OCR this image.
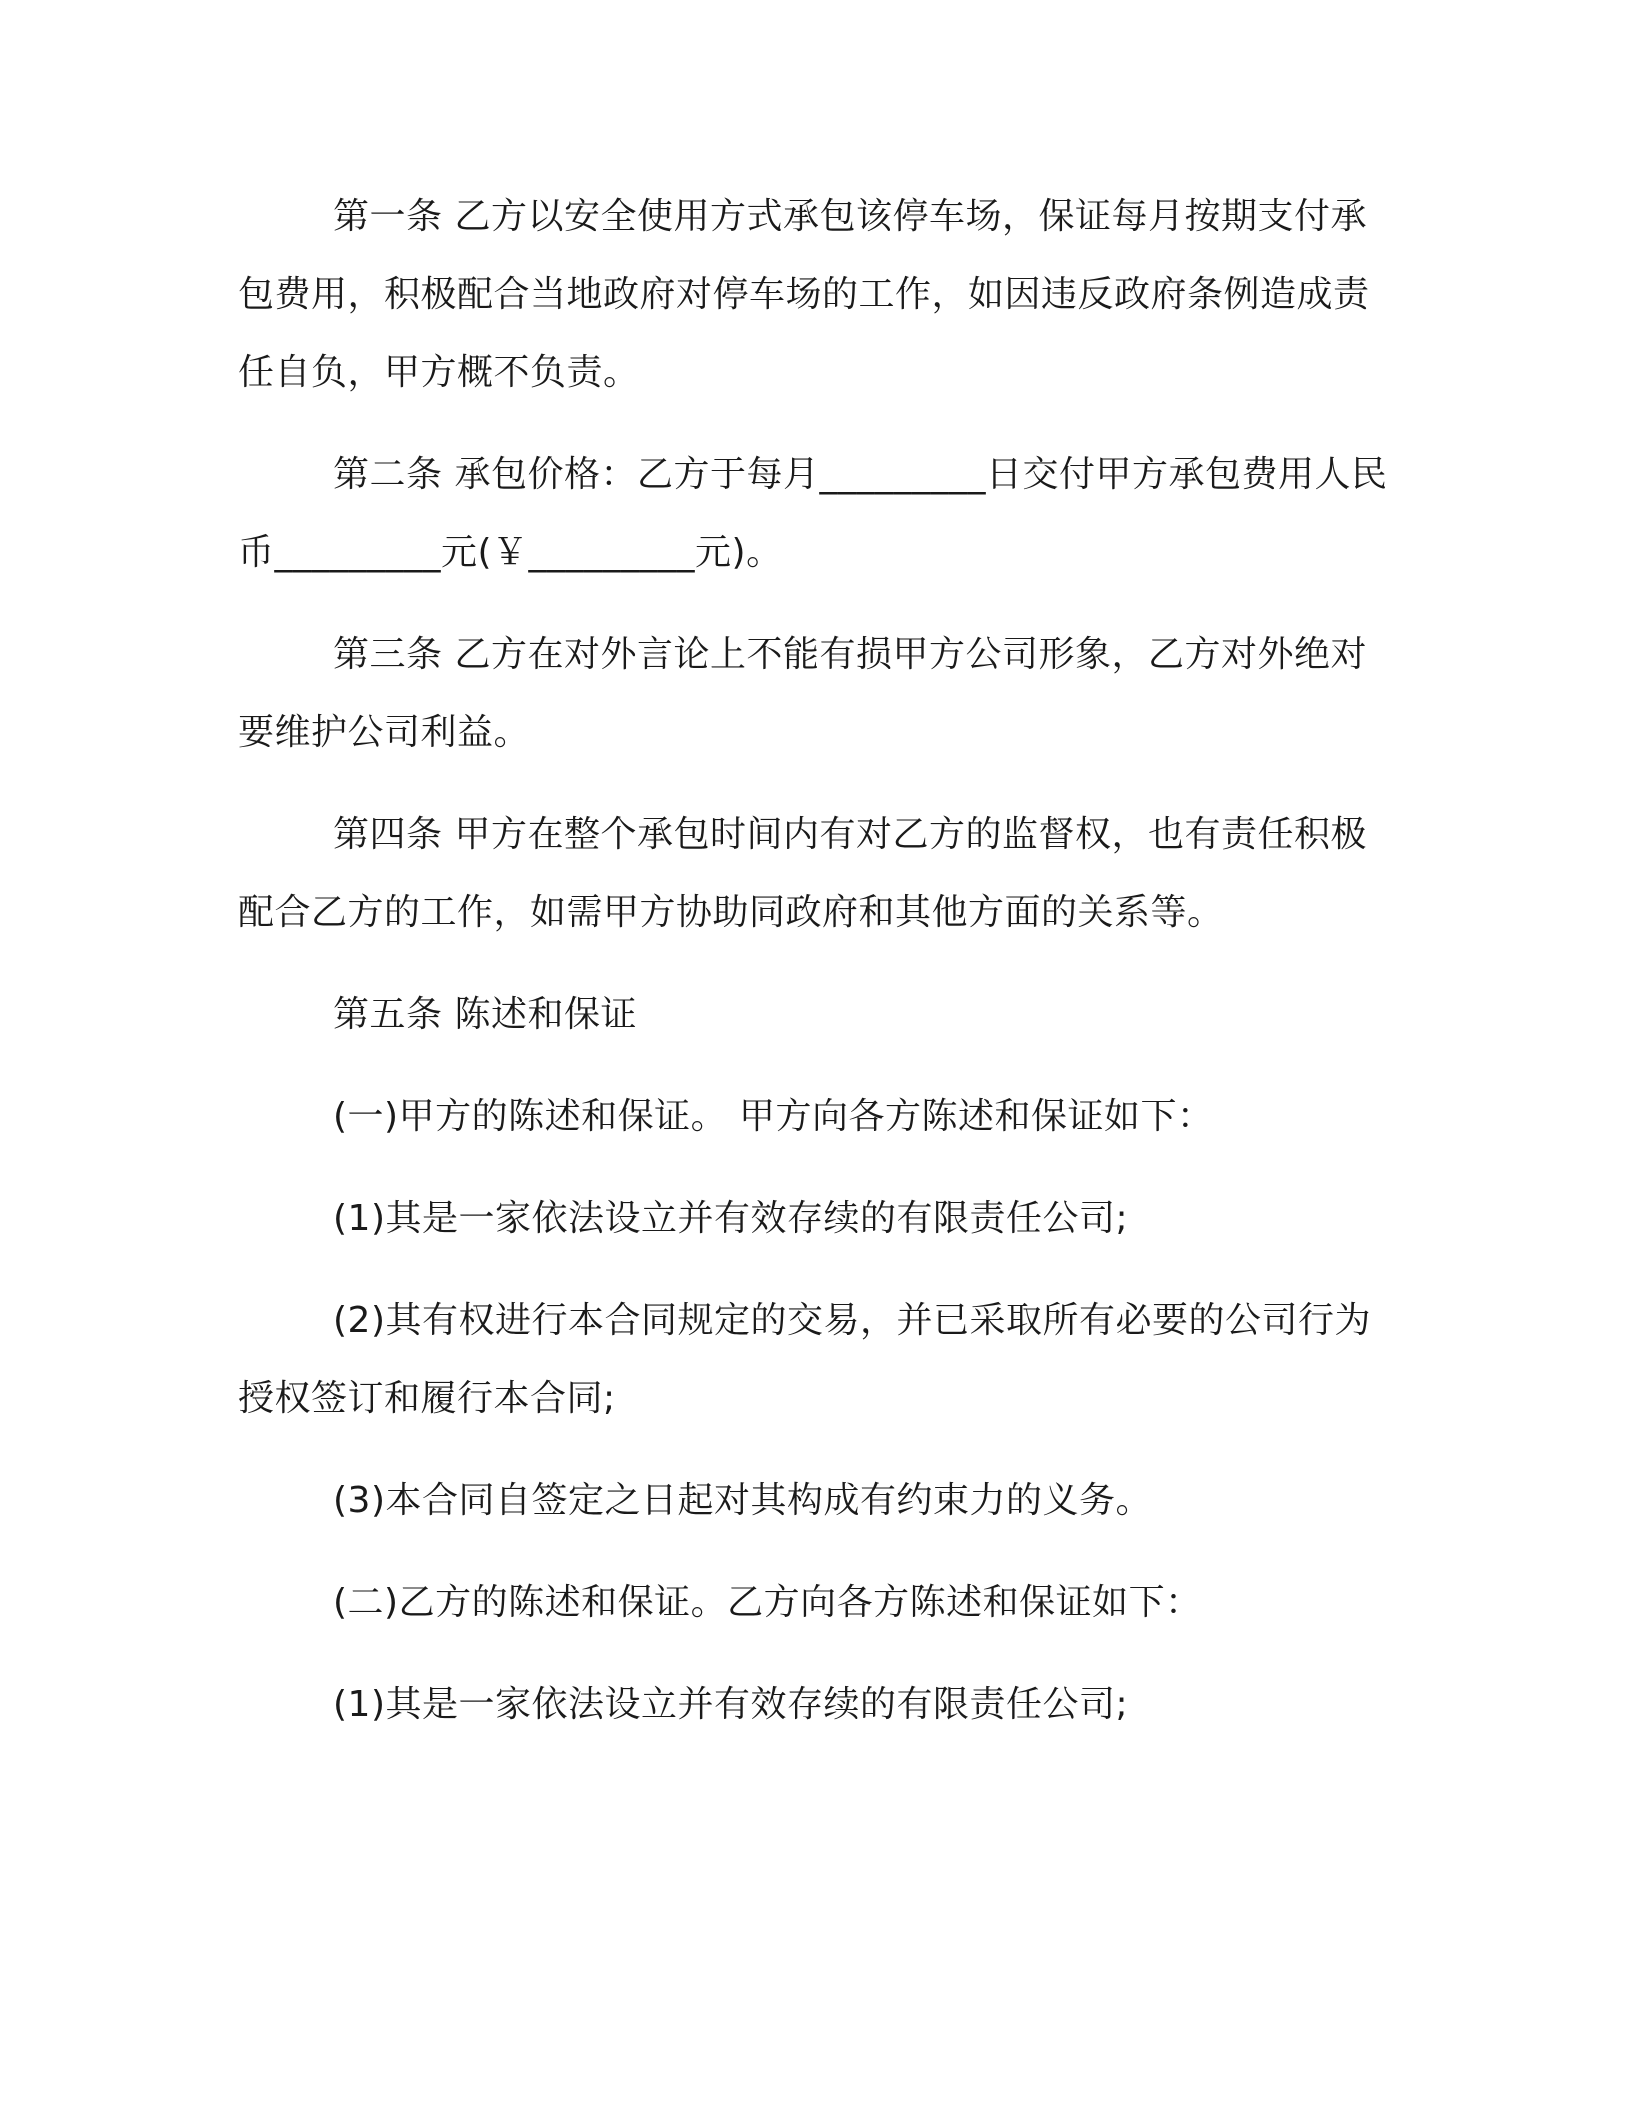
第一条 乙方以安全使用方式承包该停车场，保证每月按期支付承包费用，积极配合当地政府对停车场的工作，如因违反政府条例造成责任自负，甲方概不负责。

第二条 承包价格：乙方于每月_________日交付甲方承包费用人民币_________元(￥_________元)。

第三条 乙方在对外言论上不能有损甲方公司形象，乙方对外绝对要维护公司利益。

第四条 甲方在整个承包时间内有对乙方的监督权，也有责任积极配合乙方的工作，如需甲方协助同政府和其他方面的关系等。

第五条 陈述和保证

(一)甲方的陈述和保证。 甲方向各方陈述和保证如下：

(1)其是一家依法设立并有效存续的有限责任公司;

(2)其有权进行本合同规定的交易，并已采取所有必要的公司行为授权签订和履行本合同;

(3)本合同自签定之日起对其构成有约束力的义务。

(二)乙方的陈述和保证。乙方向各方陈述和保证如下：

(1)其是一家依法设立并有效存续的有限责任公司;
